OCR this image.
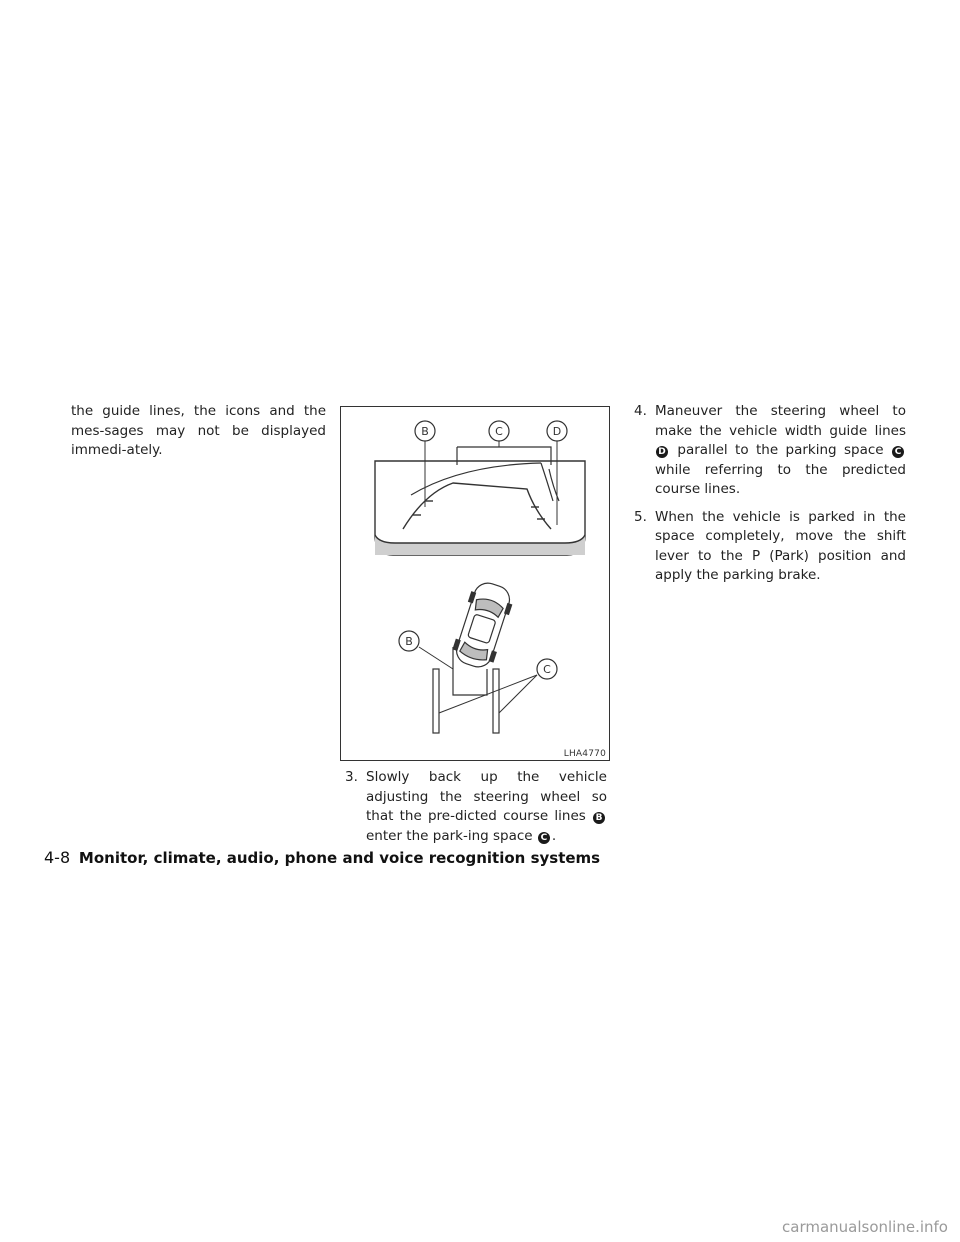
the guide lines, the icons and the mes-sages may not be displayed immedi-ately.

B	C	D
B
C
LHA4770
3. Slowly back up the vehicle adjusting the steering wheel so that the pre-dicted course lines B enter the park-ing space C .
4. Maneuver the steering wheel to make the vehicle width guide lines D parallel to the parking space C while referring to the predicted course lines.
5. When the vehicle is parked in the space completely, move the shift lever to the P (Park) position and apply the parking brake.
4-8 Monitor, climate, audio, phone and voice recognition systems
carmanualsonline.info
